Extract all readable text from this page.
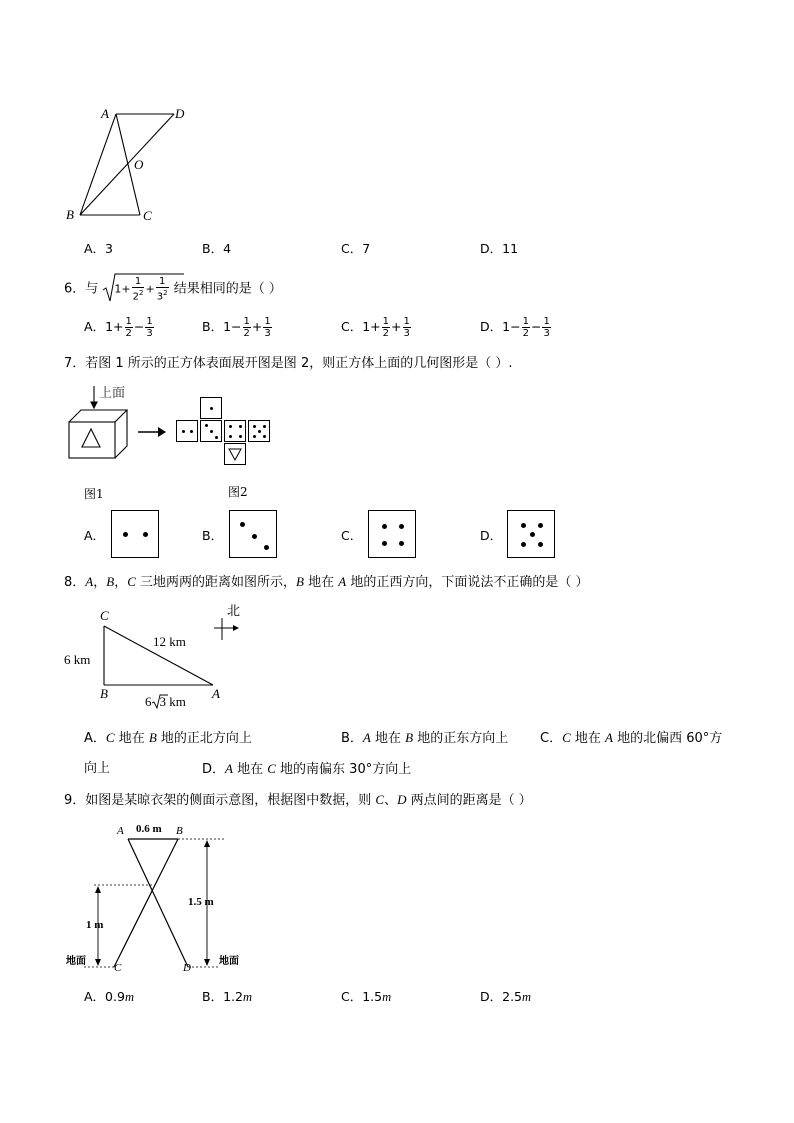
A	D
O
B	C
A．3	B．4	C．7	D．11
6．与 $1+ \frac{1}{2^2} + \frac{1}{3^2}$ 结果相同的是（ ）
A．$1+ \frac{1}{2} - \frac{1}{3}$	B．$1- \frac{1}{2} + \frac{1}{3}$	C．$1+ \frac{1}{2} + \frac{1}{3}$	D．$1- \frac{1}{2} - \frac{1}{3}$
7．若图 1 所示的正方体表面展开图是图 2，则正方体上面的几何图形是（ ）.
上面
图1	图2
A．	B．	C．	D．
8．A，B，C 三地两两的距离如图所示，B 地在 A 地的正西方向，下面说法不正确的是（ ）
C
B	A
12 km
6 km
6 3 km
北
A．C 地在 B 地的正北方向上	B．A 地在 B 地的正东方向上 C．C 地在 A 地的北偏西 60°方
向上	D．A 地在 C 地的南偏东 30°方向上
9．如图是某晾衣架的侧面示意图，根据图中数据，则 C、D 两点间的距离是（ ）
A	B
C	D
0.6 m
1 m
1.5 m
地面	地面
A．0.9m	B．1.2m	C．1.5m	D．2.5m
